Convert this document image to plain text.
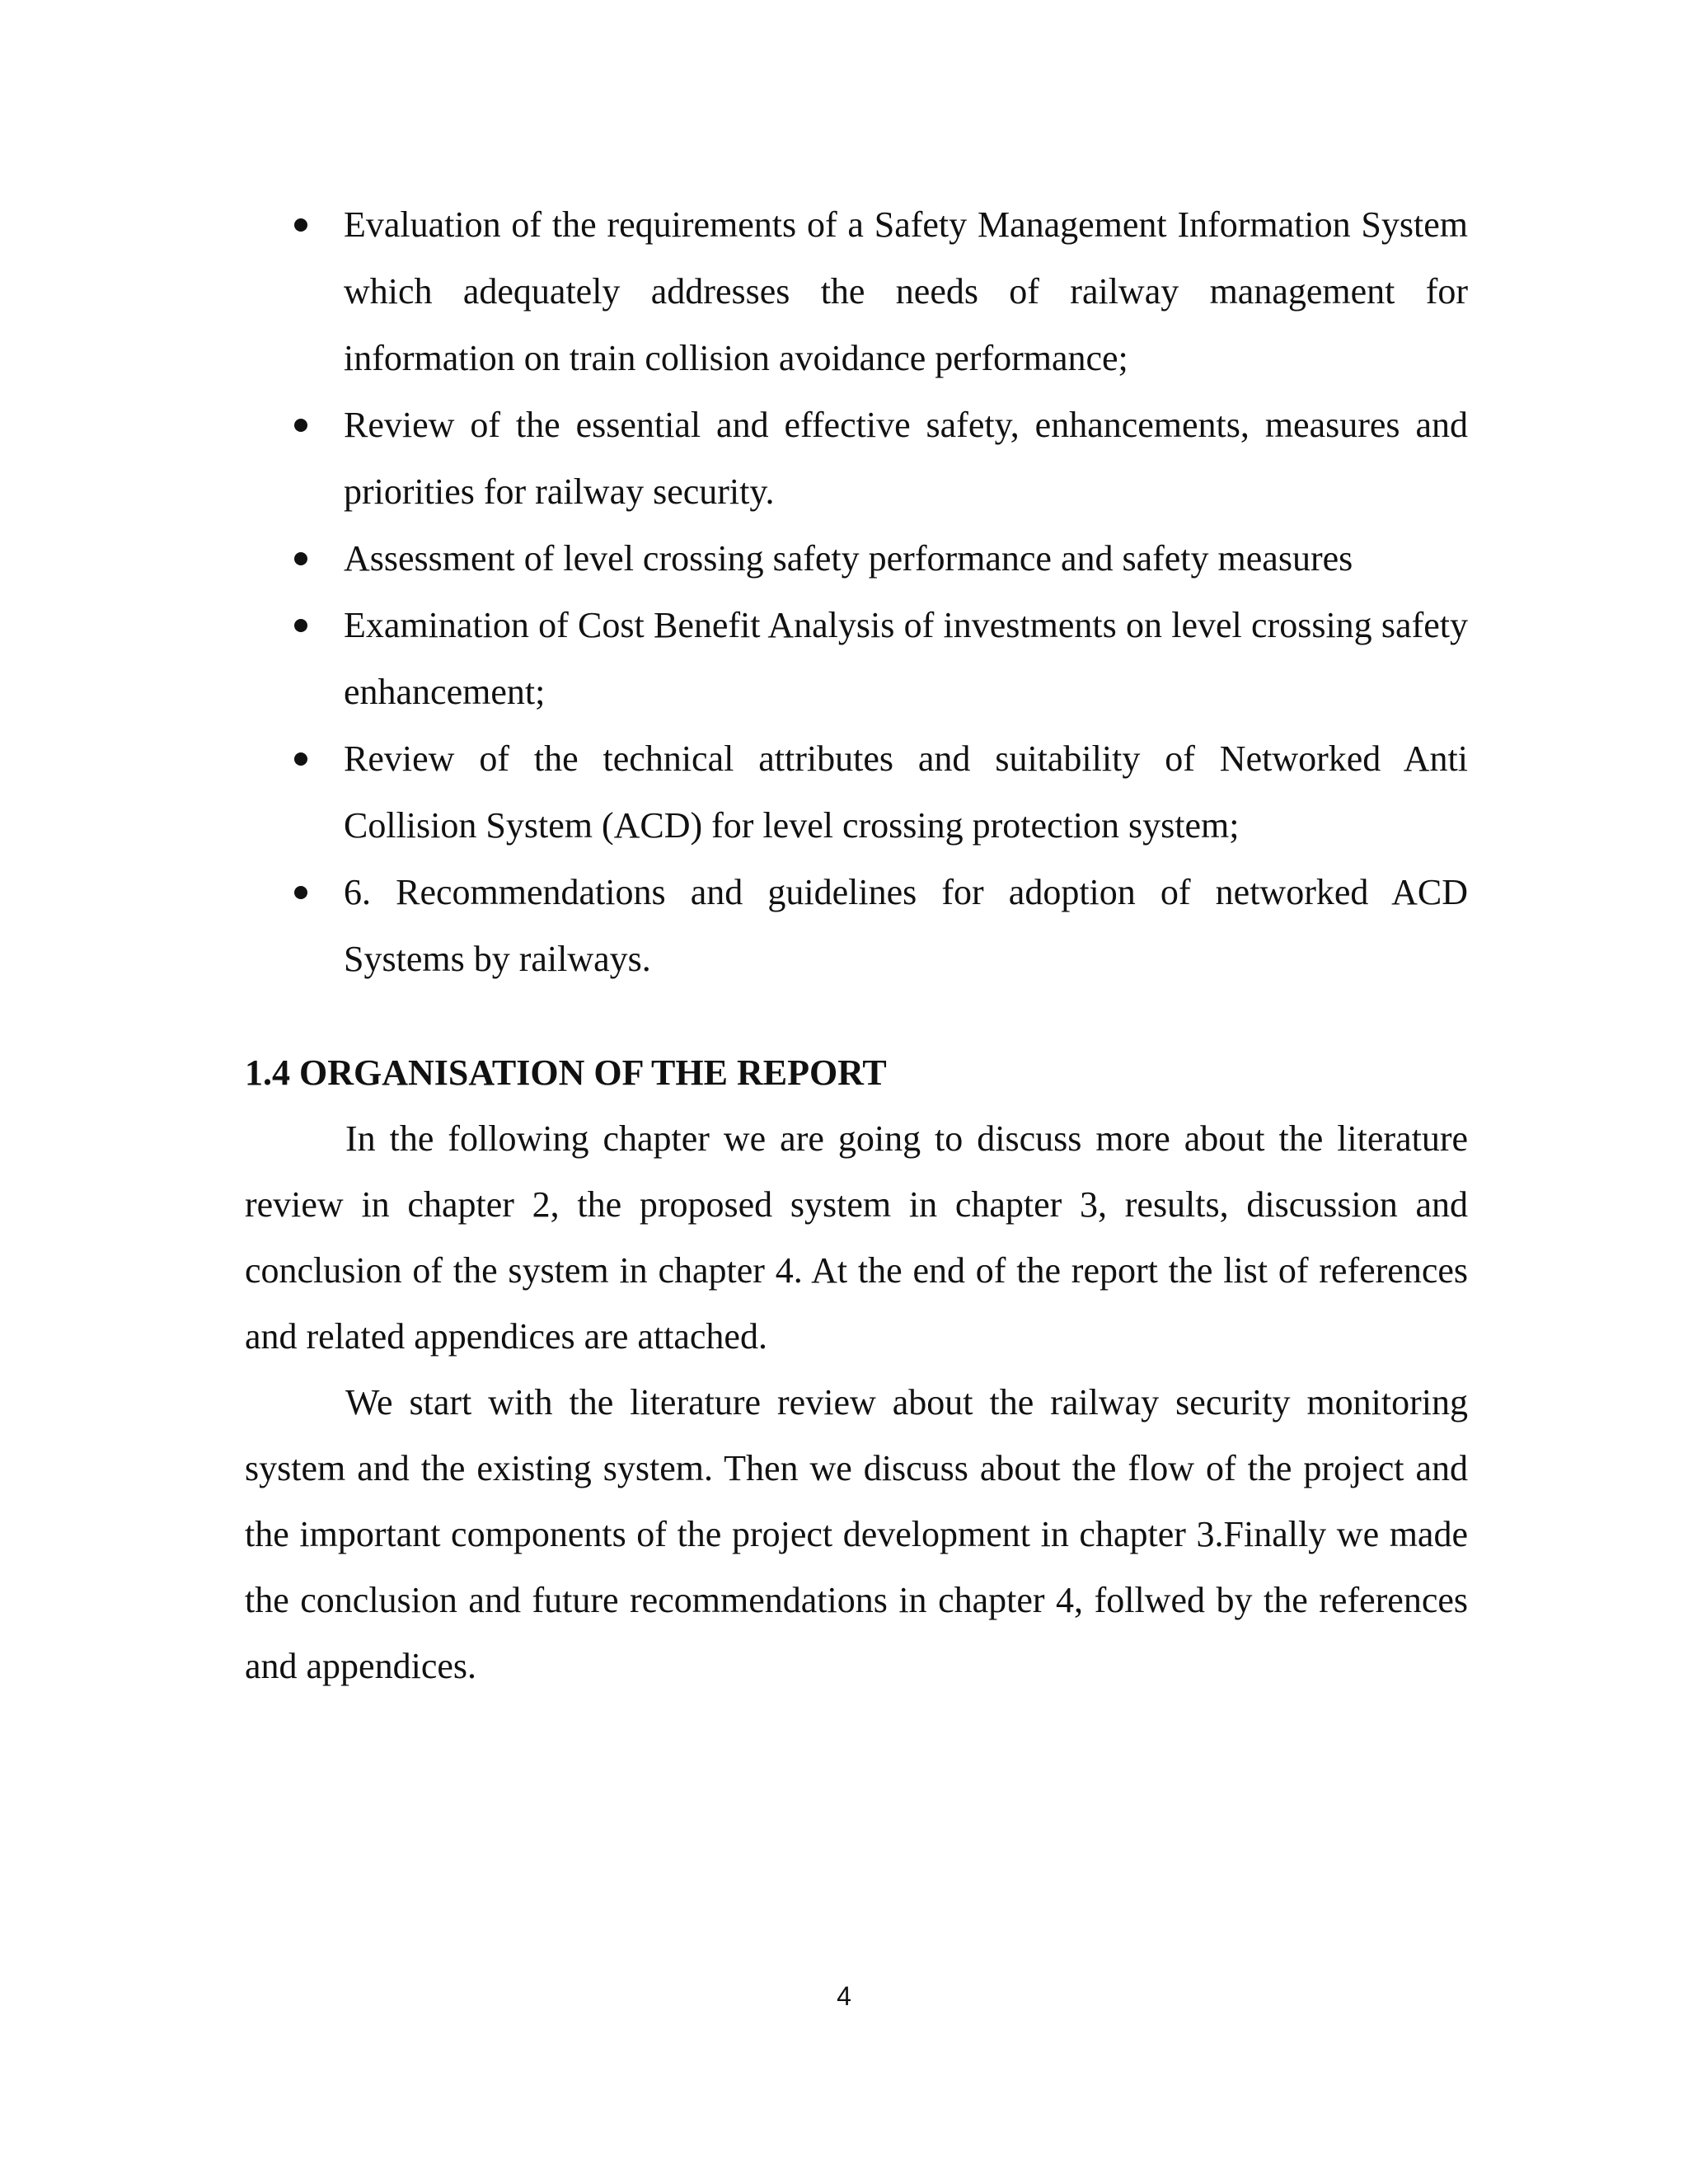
Evaluation of the requirements of a Safety Management Information System which adequately addresses the needs of railway management for information on train collision avoidance performance;
Review of the essential and effective safety, enhancements, measures and priorities for railway security.
Assessment of level crossing safety performance and safety measures
Examination of Cost Benefit Analysis of investments on level crossing safety enhancement;
Review of the technical attributes and suitability of Networked Anti Collision System (ACD) for level crossing protection system;
6. Recommendations and guidelines for adoption of networked ACD Systems by railways.
1.4 ORGANISATION OF THE REPORT

In the following chapter we are going to discuss more about the literature review in chapter 2, the proposed system in chapter 3, results, discussion and conclusion of the system in chapter 4. At the end of the report the list of references and related appendices are attached.

We start with the literature review about the railway security monitoring system and the existing system. Then we discuss about the flow of the project and the important components of the project development in chapter 3.Finally we made the conclusion and future recommendations in chapter 4, follwed by the references and appendices.

4
